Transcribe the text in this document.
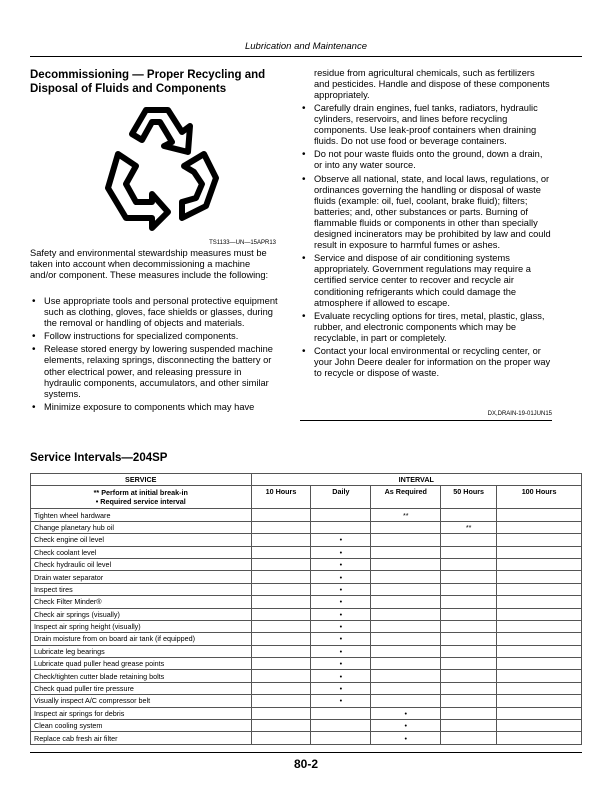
Lubrication and Maintenance
Decommissioning — Proper Recycling and Disposal of Fluids and Components
TS1133—UN—15APR13
Safety and environmental stewardship measures must be taken into account when decommissioning a machine and/or component. These measures include the following:
• Use appropriate tools and personal protective equipment such as clothing, gloves, face shields or glasses, during the removal or handling of objects and materials.
• Follow instructions for specialized components.
• Release stored energy by lowering suspended machine elements, relaxing springs, disconnecting the battery or other electrical power, and releasing pressure in hydraulic components, accumulators, and other similar systems.
• Minimize exposure to components which may have
residue from agricultural chemicals, such as fertilizers and pesticides. Handle and dispose of these components appropriately.
• Carefully drain engines, fuel tanks, radiators, hydraulic cylinders, reservoirs, and lines before recycling components. Use leak-proof containers when draining fluids. Do not use food or beverage containers.
• Do not pour waste fluids onto the ground, down a drain, or into any water source.
• Observe all national, state, and local laws, regulations, or ordinances governing the handling or disposal of waste fluids (example: oil, fuel, coolant, brake fluid); filters; batteries; and, other substances or parts. Burning of flammable fluids or components in other than specially designed incinerators may be prohibited by law and could result in exposure to harmful fumes or ashes.
• Service and dispose of air conditioning systems appropriately. Government regulations may require a certified service center to recover and recycle air conditioning refrigerants which could damage the atmosphere if allowed to escape.
• Evaluate recycling options for tires, metal, plastic, glass, rubber, and electronic components which may be recyclable, in part or completely.
• Contact your local environmental or recycling center, or your John Deere dealer for information on the proper way to recycle or dispose of waste.
DX,DRAIN-19-01JUN15
Service Intervals—204SP
SERVICE	INTERVAL				

** Perform at initial break-in
• Required service interval	10 Hours	Daily	As Required	50 Hours	100 Hours
Tighten wheel hardware			**		
Change planetary hub oil				**	
Check engine oil level		•			
Check coolant level		•			
Check hydraulic oil level		•			
Drain water separator		•			
Inspect tires		•			
Check Filter Minder®		•			
Check air springs (visually)		•			
Inspect air spring height (visually)		•			
Drain moisture from on board air tank (if equipped)		•			
Lubricate leg bearings		•			
Lubricate quad puller head grease points		•			
Check/tighten cutter blade retaining bolts		•			
Check quad puller tire pressure		•			
Visually inspect A/C compressor belt		•			
Inspect air springs for debris			•		
Clean cooling system			•		
Replace cab fresh air filter			•		
80-2
